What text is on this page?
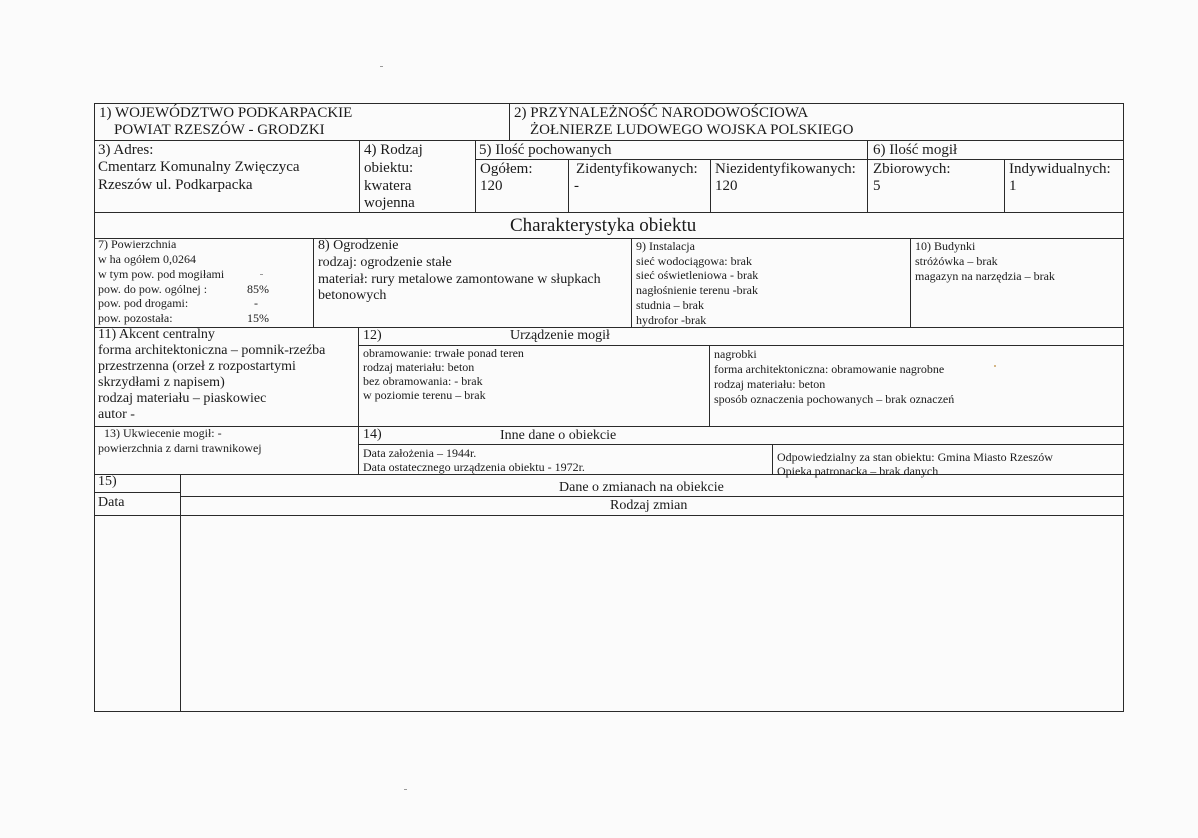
1) WOJEWÓDZTWO PODKARPACKIE
POWIAT RZESZÓW - GRODZKI
2) PRZYNALEŻNOŚĆ NARODOWOŚCIOWA
ŻOŁNIERZE LUDOWEGO WOJSKA POLSKIEGO
3) Adres:
Cmentarz Komunalny Zwięczyca
Rzeszów ul. Podkarpacka
4) Rodzaj
obiektu:
kwatera
wojenna
5) Ilość pochowanych
Ogółem:
120
Zidentyfikowanych:
-
Niezidentyfikowanych:
120
6) Ilość mogił
Zbiorowych:
5
Indywidualnych:
1
Charakterystyka obiektu
7) Powierzchnia
w ha ogółem 0,0264
w tym pow. pod mogiłami
pow. do pow. ogólnej :	85%
pow. pod drogami:	-
pow. pozostała:	15%
8) Ogrodzenie
rodzaj: ogrodzenie stałe
materiał: rury metalowe zamontowane w słupkach
betonowych
9) Instalacja
sieć wodociągowa: brak
sieć oświetleniowa - brak
nagłośnienie terenu -brak
studnia – brak
hydrofor -brak
10) Budynki
stróżówka – brak
magazyn na narzędzia – brak
11) Akcent centralny
forma architektoniczna – pomnik-rzeźba
przestrzenna (orzeł z rozpostartymi
skrzydłami z napisem)
rodzaj materiału – piaskowiec
autor -
12)	Urządzenie mogił
obramowanie: trwałe ponad teren
rodzaj materiału: beton
bez obramowania: - brak
w poziomie terenu – brak
nagrobki
forma architektoniczna: obramowanie nagrobne
rodzaj materiału: beton
sposób oznaczenia pochowanych – brak oznaczeń
13) Ukwiecenie mogił: -
powierzchnia z darni trawnikowej
14)	Inne dane o obiekcie
Data założenia – 1944r.
Data ostatecznego urządzenia obiektu - 1972r.
Odpowiedzialny za stan obiektu: Gmina Miasto Rzeszów
Opieka patronacka – brak danych
15)	Dane o zmianach na obiekcie
Data	Rodzaj zmian
